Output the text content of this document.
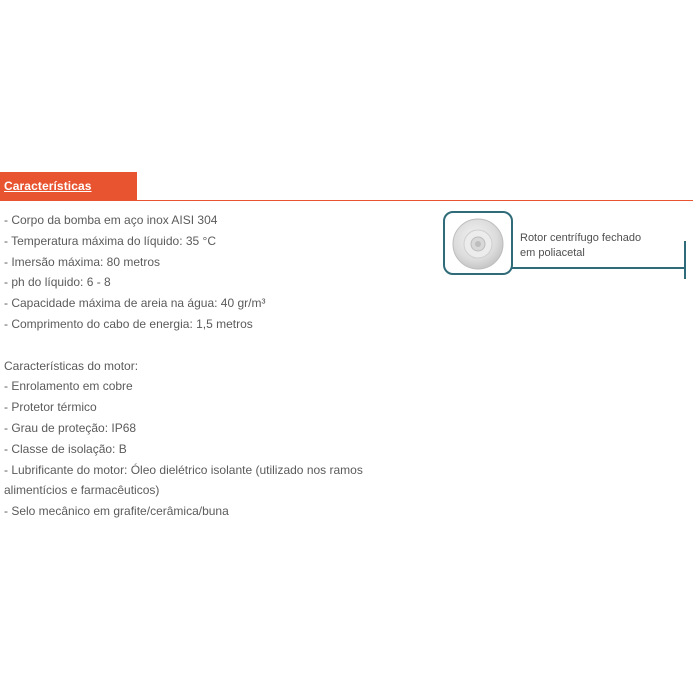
Características
- Corpo da bomba em aço inox AISI 304
- Temperatura máxima do líquido: 35 °C
- Imersão máxima: 80 metros
- ph do líquido: 6 - 8
- Capacidade máxima de areia na água: 40 gr/m³
- Comprimento do cabo de energia: 1,5 metros
Características do motor:
- Enrolamento em cobre
- Protetor térmico
- Grau de proteção: IP68
- Classe de isolação: B
- Lubrificante do motor: Óleo dielétrico isolante (utilizado nos ramos alimentícios e farmacêuticos)
- Selo mecânico em grafite/cerâmica/buna
Rotor centrífugo fechado
em poliacetal
